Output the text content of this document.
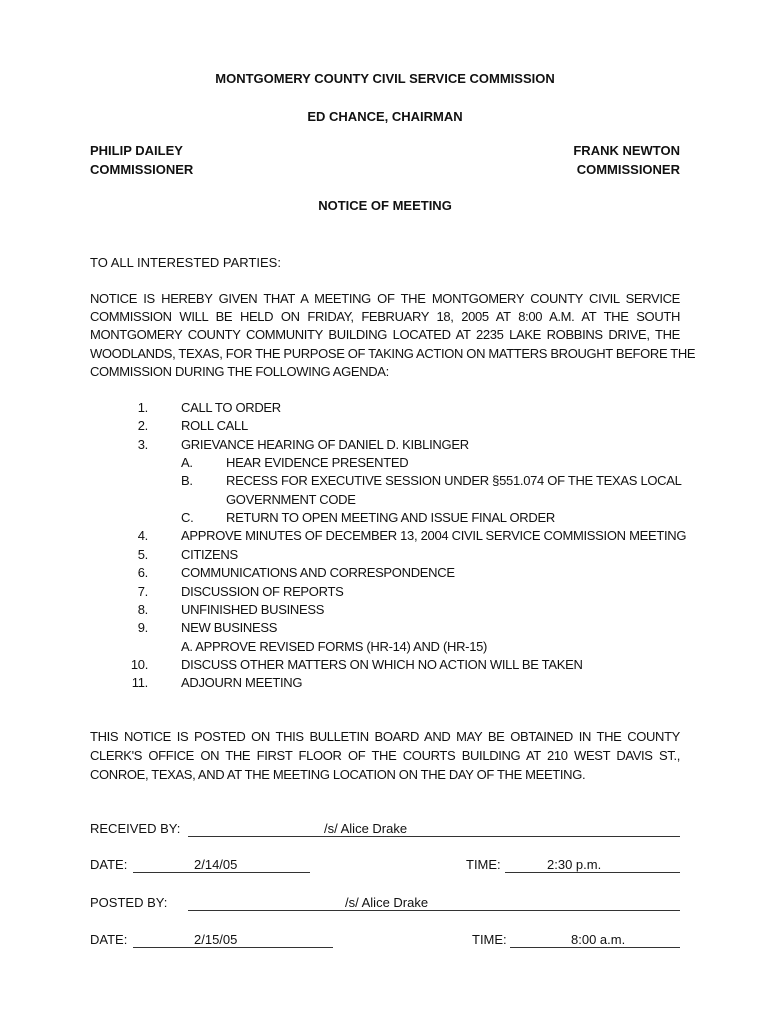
MONTGOMERY COUNTY CIVIL SERVICE COMMISSION
ED CHANCE, CHAIRMAN
PHILIP DAILEY
COMMISSIONER
FRANK NEWTON
COMMISSIONER
NOTICE OF MEETING
TO ALL INTERESTED PARTIES:
NOTICE IS HEREBY GIVEN THAT A MEETING OF THE MONTGOMERY COUNTY CIVIL SERVICE
COMMISSION WILL BE HELD ON FRIDAY, FEBRUARY 18, 2005 AT 8:00 A.M. AT THE SOUTH
MONTGOMERY COUNTY COMMUNITY BUILDING LOCATED AT 2235 LAKE ROBBINS DRIVE, THE
WOODLANDS, TEXAS, FOR THE PURPOSE OF TAKING ACTION ON MATTERS BROUGHT BEFORE THE
COMMISSION DURING THE FOLLOWING AGENDA:
1.	CALL TO ORDER
2.	ROLL CALL
3.	GRIEVANCE HEARING OF DANIEL D. KIBLINGER
A.	HEAR EVIDENCE PRESENTED
B.	RECESS FOR EXECUTIVE SESSION UNDER §551.074 OF THE TEXAS LOCAL
GOVERNMENT CODE
C.	RETURN TO OPEN MEETING AND ISSUE FINAL ORDER
4.	APPROVE MINUTES OF DECEMBER 13, 2004 CIVIL SERVICE COMMISSION MEETING
5.	CITIZENS
6.	COMMUNICATIONS AND CORRESPONDENCE
7.	DISCUSSION OF REPORTS
8.	UNFINISHED BUSINESS
9.	NEW BUSINESS
A. APPROVE REVISED FORMS (HR-14) AND (HR-15)
10.	DISCUSS OTHER MATTERS ON WHICH NO ACTION WILL BE TAKEN
11.	ADJOURN MEETING
THIS NOTICE IS POSTED ON THIS BULLETIN BOARD AND MAY BE OBTAINED IN THE COUNTY
CLERK'S OFFICE ON THE FIRST FLOOR OF THE COURTS BUILDING AT 210 WEST DAVIS ST.,
CONROE, TEXAS, AND AT THE MEETING LOCATION ON THE DAY OF THE MEETING.
RECEIVED BY:	/s/ Alice Drake
DATE:	2/14/05	TIME:	2:30 p.m.
POSTED BY:	/s/ Alice Drake
DATE:	2/15/05	TIME:	8:00 a.m.
